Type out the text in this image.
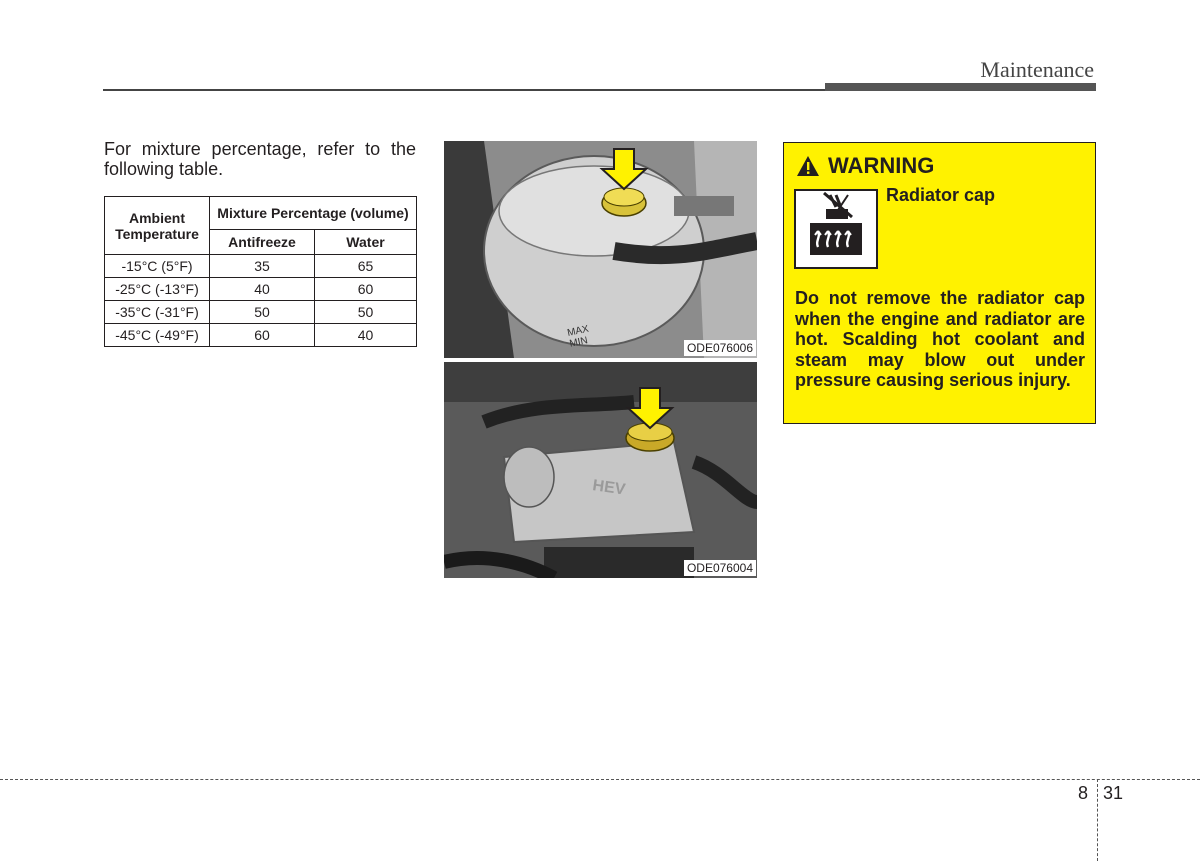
Maintenance
For mixture percentage, refer to the following table.
Ambient Temperature	Mixture Percentage (volume)	
	Antifreeze	Water
-15°C (5°F)	35	65
-25°C (-13°F)	40	60
-35°C (-31°F)	50	50
-45°C (-49°F)	60	40	MAXMIN	ODE076006
HEV
ODE076004
WARNING
Radiator cap
Do not remove the radiator cap when the engine and radiator are hot. Scalding hot coolant and steam may blow out under pressure causing serious injury.
8 31
